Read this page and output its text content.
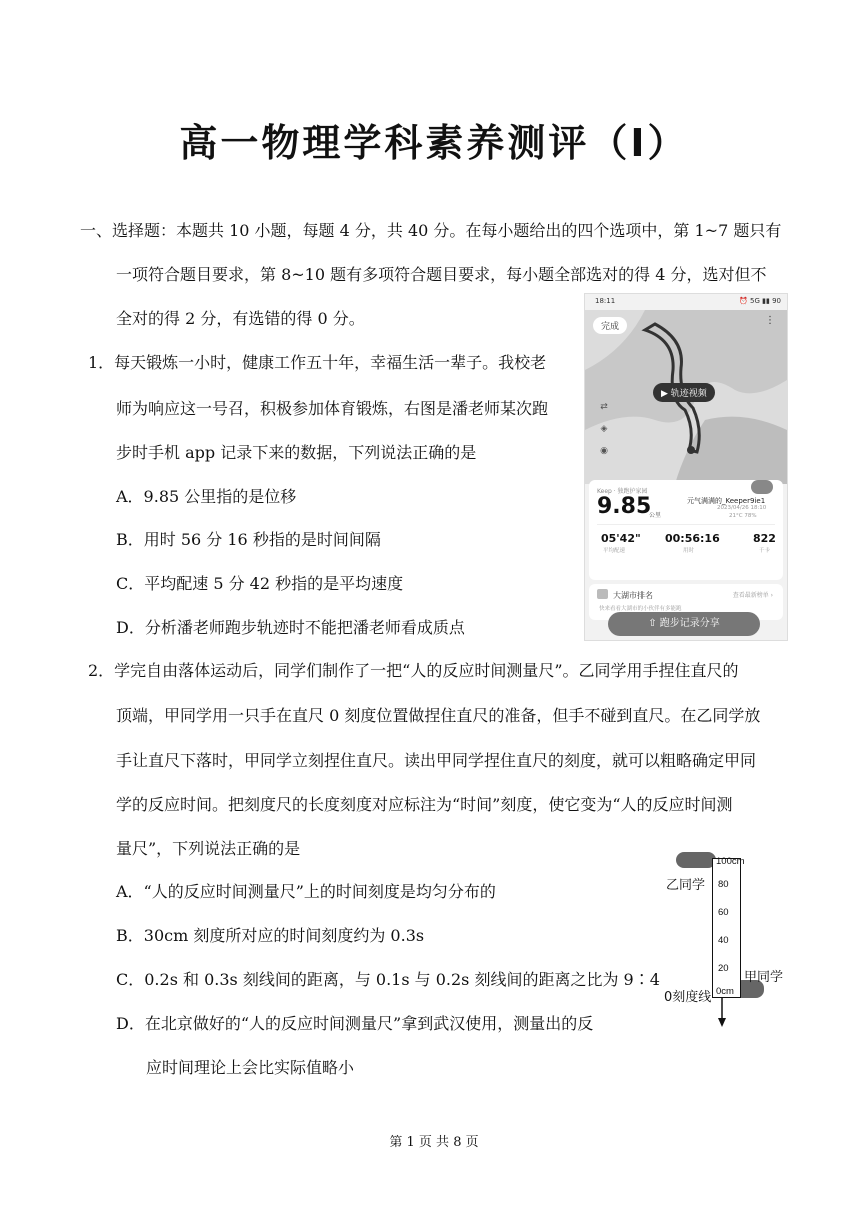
高一物理学科素养测评（Ⅰ）
一、选择题：本题共 10 小题，每题 4 分，共 40 分。在每小题给出的四个选项中，第 1~7 题只有
一项符合题目要求，第 8~10 题有多项符合题目要求，每小题全部选对的得 4 分，选对但不
全对的得 2 分，有选错的得 0 分。
1．每天锻炼一小时，健康工作五十年，幸福生活一辈子。我校老
师为响应这一号召，积极参加体育锻炼，右图是潘老师某次跑
步时手机 app 记录下来的数据，下列说法正确的是
A．9.85 公里指的是位移
B．用时 56 分 16 秒指的是时间间隔
C．平均配速 5 分 42 秒指的是平均速度
D．分析潘老师跑步轨迹时不能把潘老师看成质点
18:11	⏰ 5G ▮▮ 90
完成
⋮
⇄
◈
◉
▶ 轨迹视频
Keep · 独跑护家园
9.85
公里
元气满满的_Keeper9ie1
2023/04/26 18:10
21°C 78%
05'42"
平均配速
00:56:16
用时
822
千卡
大湖市排名	查看最新榜单 ›
快来看看大湖市的小伙伴有多能跑
⇧ 跑步记录分享
2．学完自由落体运动后，同学们制作了一把“人的反应时间测量尺”。乙同学用手捏住直尺的
顶端，甲同学用一只手在直尺 0 刻度位置做捏住直尺的准备，但手不碰到直尺。在乙同学放
手让直尺下落时，甲同学立刻捏住直尺。读出甲同学捏住直尺的刻度，就可以粗略确定甲同
学的反应时间。把刻度尺的长度刻度对应标注为“时间”刻度，使它变为“人的反应时间测
量尺”，下列说法正确的是
A．“人的反应时间测量尺”上的时间刻度是均匀分布的
B．30cm 刻度所对应的时间刻度约为 0.3s
C．0.2s 和 0.3s 刻线间的距离，与 0.1s 与 0.2s 刻线间的距离之比为 9∶4
D．在北京做好的“人的反应时间测量尺”拿到武汉使用，测量出的反
应时间理论上会比实际值略小
100cm
80
60
40
20
0cm
乙同学
甲同学
0刻度线
第 1 页 共 8 页
